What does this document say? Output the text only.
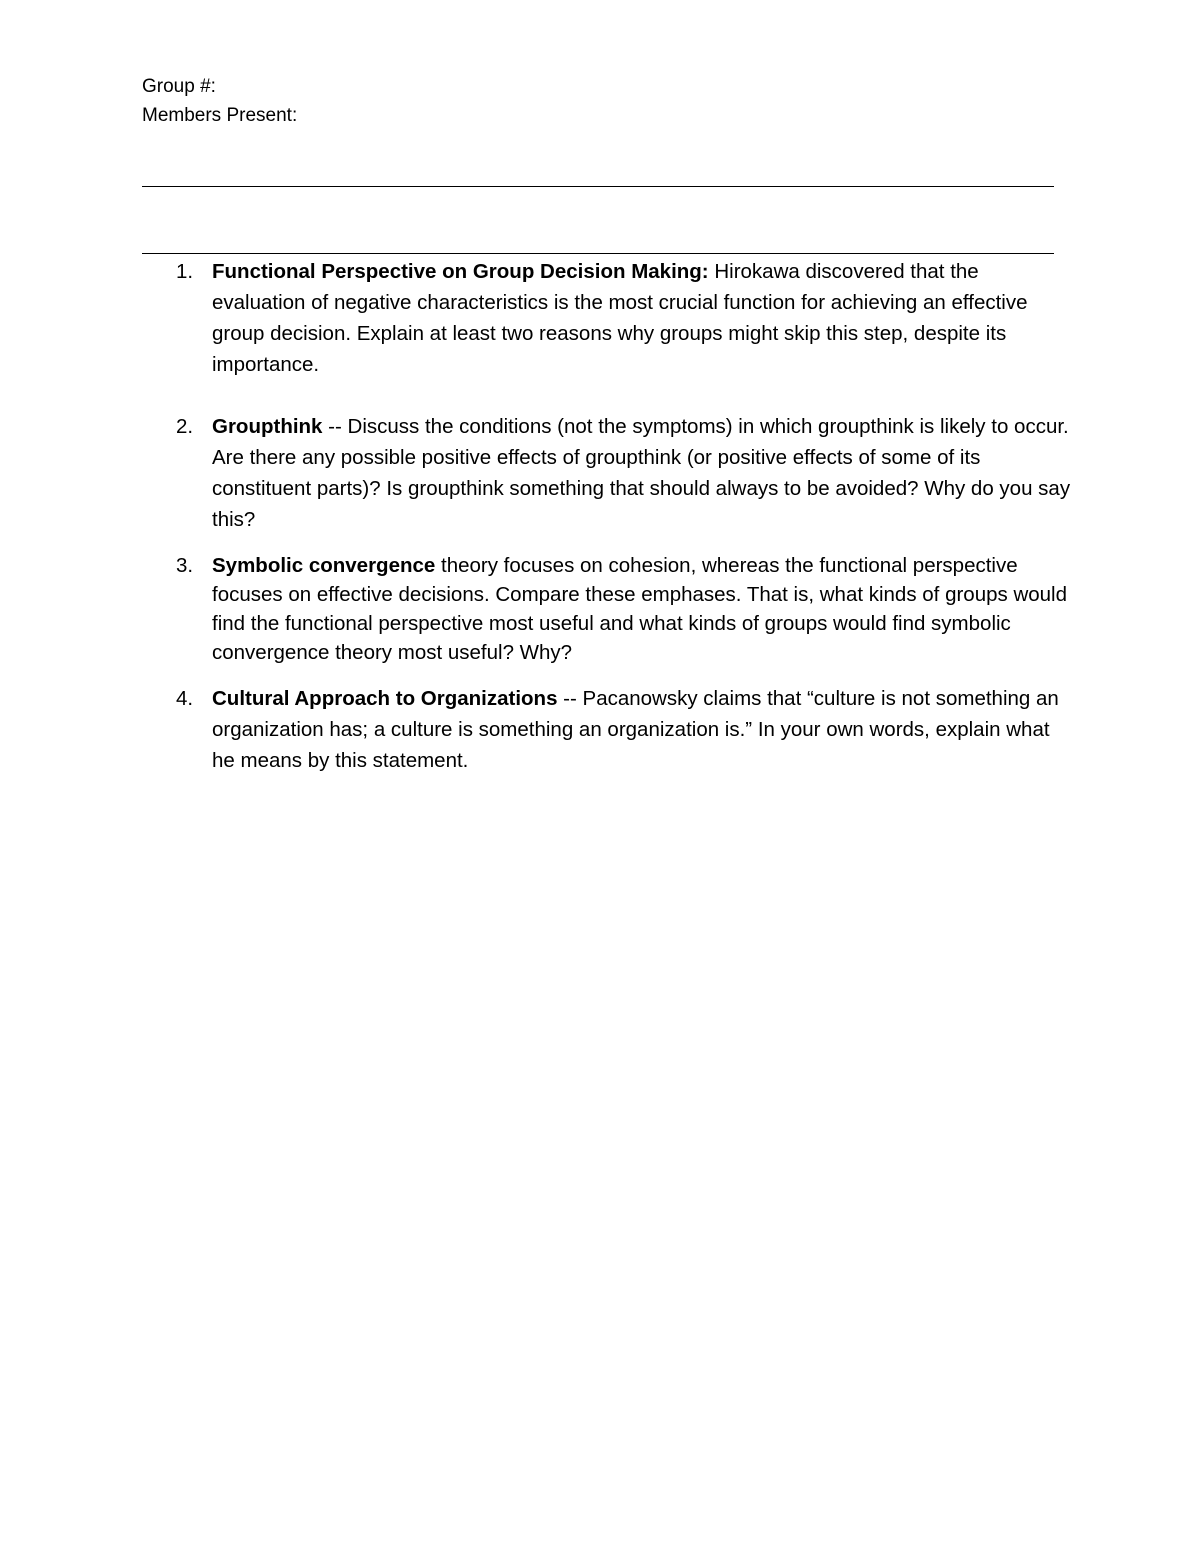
Group #:
Members Present:
1. Functional Perspective on Group Decision Making: Hirokawa discovered that the evaluation of negative characteristics is the most crucial function for achieving an effective group decision. Explain at least two reasons why groups might skip this step, despite its importance.
2. Groupthink -- Discuss the conditions (not the symptoms) in which groupthink is likely to occur. Are there any possible positive effects of groupthink (or positive effects of some of its constituent parts)? Is groupthink something that should always to be avoided? Why do you say this?
3. Symbolic convergence theory focuses on cohesion, whereas the functional perspective focuses on effective decisions. Compare these emphases. That is, what kinds of groups would find the functional perspective most useful and what kinds of groups would find symbolic convergence theory most useful? Why?
4. Cultural Approach to Organizations -- Pacanowsky claims that “culture is not something an organization has; a culture is something an organization is.” In your own words, explain what he means by this statement.
